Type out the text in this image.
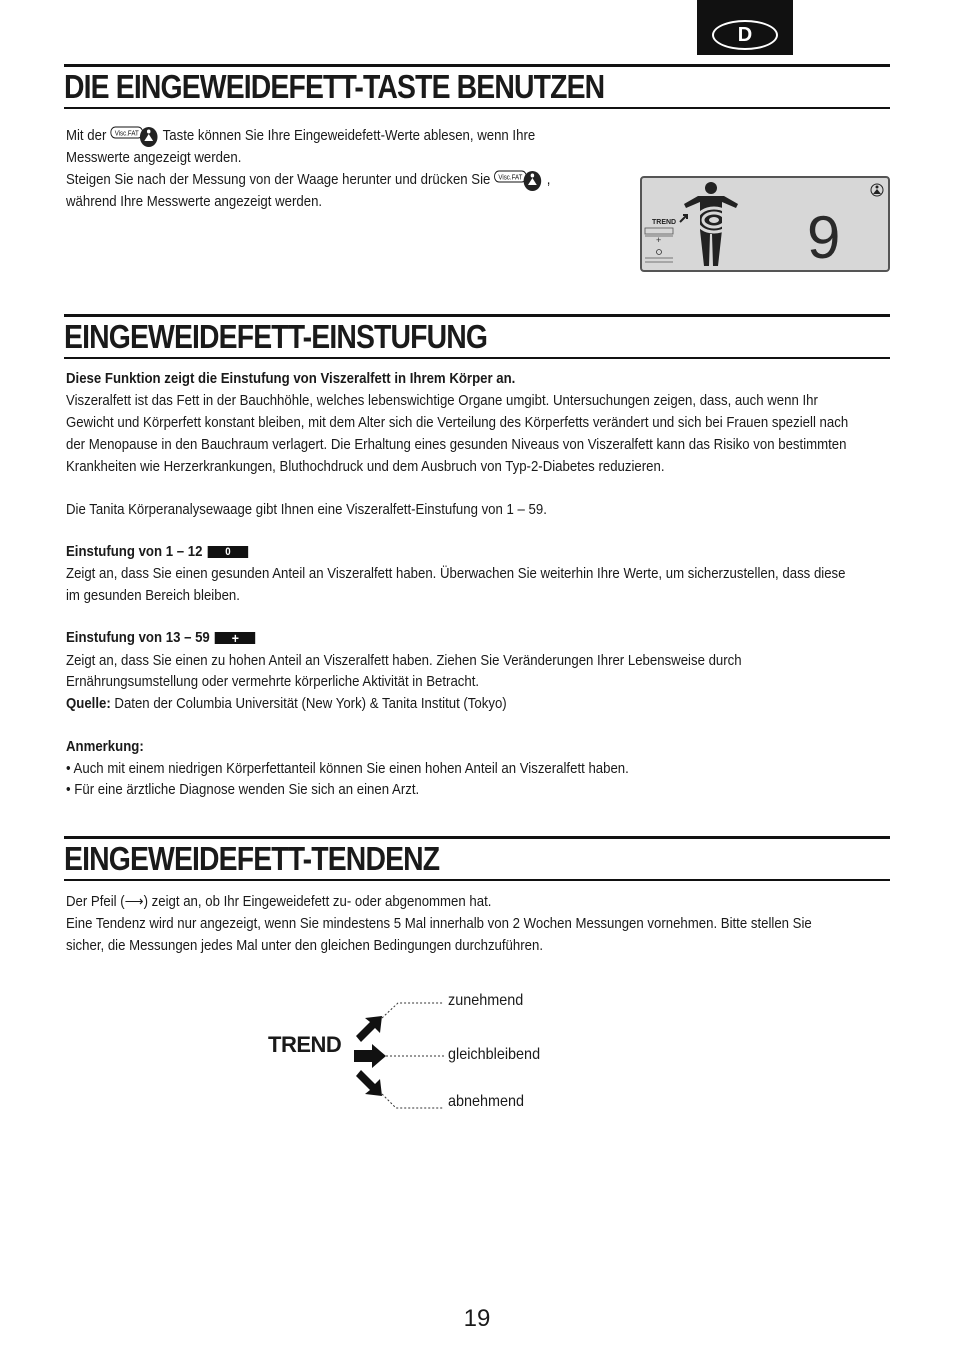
D
DIE EINGEWEIDEFETT-TASTE BENUTZEN
Mit der Visc.FAT Taste können Sie Ihre Eingeweidefett-Werte ablesen, wenn Ihre
Messwerte angezeigt werden.
Steigen Sie nach der Messung von der Waage herunter und drücken Sie Visc.FAT ,
während Ihre Messwerte angezeigt werden.
+
TREND 9
EINGEWEIDEFETT-EINSTUFUNG
Diese Funktion zeigt die Einstufung von Viszeralfett in Ihrem Körper an.
Viszeralfett ist das Fett in der Bauchhöhle, welches lebenswichtige Organe umgibt. Untersuchungen zeigen, dass, auch wenn Ihr
Gewicht und Körperfett konstant bleiben, mit dem Alter sich die Verteilung des Körperfetts verändert und sich bei Frauen speziell nach
der Menopause in den Bauchraum verlagert. Die Erhaltung eines gesunden Niveaus von Viszeralfett kann das Risiko von bestimmten
Krankheiten wie Herzerkrankungen, Bluthochdruck und dem Ausbruch von Typ-2-Diabetes reduzieren.
Die Tanita Körperanalysewaage gibt Ihnen eine Viszeralfett-Einstufung von 1 – 59.
Einstufung von 1 – 12 0
Zeigt an, dass Sie einen gesunden Anteil an Viszeralfett haben. Überwachen Sie weiterhin Ihre Werte, um sicherzustellen, dass diese
im gesunden Bereich bleiben.
Einstufung von 13 – 59 +
Zeigt an, dass Sie einen zu hohen Anteil an Viszeralfett haben. Ziehen Sie Veränderungen Ihrer Lebensweise durch
Ernährungsumstellung oder vermehrte körperliche Aktivität in Betracht.
Quelle: Daten der Columbia Universität (New York) & Tanita Institut (Tokyo)
Anmerkung:
• Auch mit einem niedrigen Körperfettanteil können Sie einen hohen Anteil an Viszeralfett haben.
• Für eine ärztliche Diagnose wenden Sie sich an einen Arzt.
EINGEWEIDEFETT-TENDENZ
Der Pfeil (⟶) zeigt an, ob Ihr Eingeweidefett zu- oder abgenommen hat.
Eine Tendenz wird nur angezeigt, wenn Sie mindestens 5 Mal innerhalb von 2 Wochen Messungen vornehmen. Bitte stellen Sie
sicher, die Messungen jedes Mal unter den gleichen Bedingungen durchzuführen.
TREND
zunehmend
gleichbleibend
abnehmend
19
